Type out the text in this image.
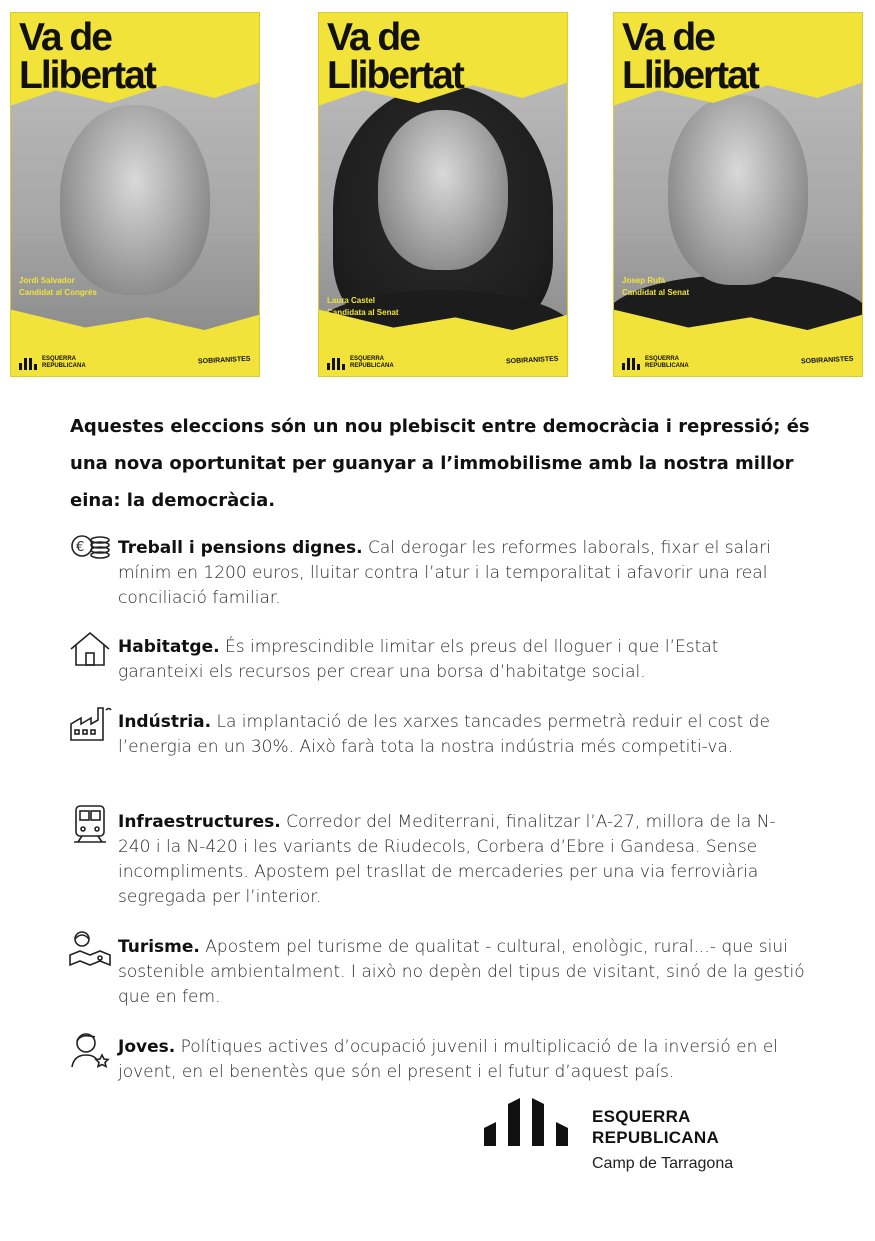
Va de
Llibertat
Jordi Salvador
Candidat al Congrés
ESQUERRA
REPUBLICANA
SOBIRANISTES
Va de
Llibertat
Laura Castel
Candidata al Senat
ESQUERRA
REPUBLICANA
SOBIRANISTES
Va de
Llibertat
Josep Rufà
Candidat al Senat
ESQUERRA
REPUBLICANA
SOBIRANISTES

Aquestes eleccions són un nou plebiscit entre democràcia i repressió; és una nova oportunitat per guanyar a l’immobilisme amb la nostra millor eina: la democràcia.

€ Treball i pensions dignes. Cal derogar les reformes laborals, fixar el salari mínim en 1200 euros, lluitar contra l’atur i la temporalitat i afavorir una real conciliació familiar.

Habitatge. És imprescindible limitar els preus del lloguer i que l’Estat garanteixi els recursos per crear una borsa d’habitatge social.

Indústria. La implantació de les xarxes tancades permetrà reduir el cost de l’energia en un 30%. Això farà tota la nostra indústria més competiti-va.

Infraestructures. Corredor del Mediterrani, finalitzar l’A-27, millora de la N-240 i la N-420 i les variants de Riudecols, Corbera d’Ebre i Gandesa. Sense incompliments. Apostem pel trasllat de mercaderies per una via ferroviària segregada per l’interior.

Turisme. Apostem pel turisme de qualitat - cultural, enològic, rural...- que siui sostenible ambientalment. I això no depèn del tipus de visitant, sinó de la gestió que en fem.

Joves. Polítiques actives d’ocupació juvenil i multiplicació de la inversió en el jovent, en el benentès que són el present i el futur d’aquest país.

ESQUERRA
REPUBLICANA
Camp de Tarragona
